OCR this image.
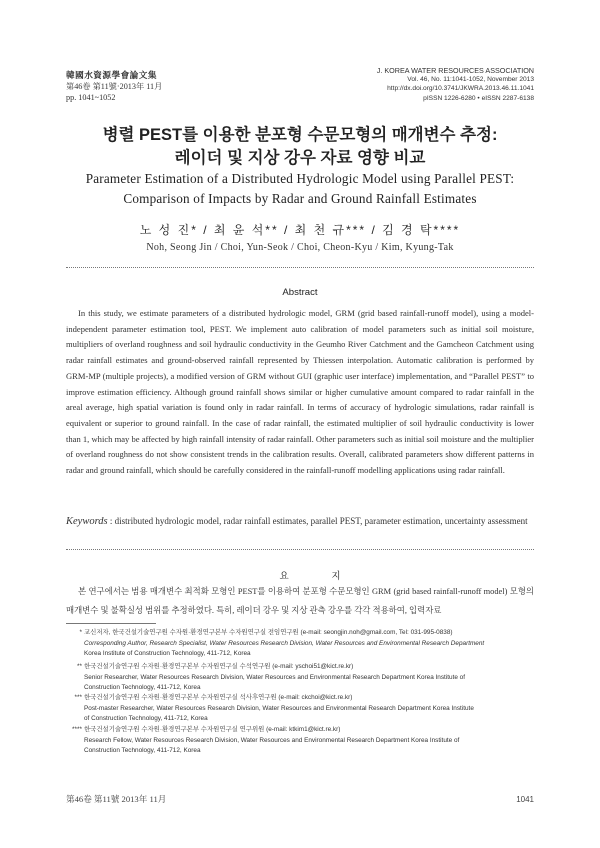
韓國水資源學會論文集
第46卷 第11號·2013年 11月
pp. 1041~1052
J. KOREA WATER RESOURCES ASSOCIATION
Vol. 46, No. 11:1041-1052, November 2013
http://dx.doi.org/10.3741/JKWRA.2013.46.11.1041
pISSN 1226-6280 • eISSN 2287-6138
병렬 PEST를 이용한 분포형 수문모형의 매개변수 추정:
레이더 및 지상 강우 자료 영향 비교
Parameter Estimation of a Distributed Hydrologic Model using Parallel PEST:
Comparison of Impacts by Radar and Ground Rainfall Estimates
노 성 진* / 최 윤 석** / 최 천 규*** / 김 경 탁****
Noh, Seong Jin / Choi, Yun-Seok / Choi, Cheon-Kyu / Kim, Kyung-Tak
Abstract
In this study, we estimate parameters of a distributed hydrologic model, GRM (grid based rainfall-runoff model), using a model-independent parameter estimation tool, PEST. We implement auto calibration of model parameters such as initial soil moisture, multipliers of overland roughness and soil hydraulic conductivity in the Geumho River Catchment and the Gamcheon Catchment using radar rainfall estimates and ground-observed rainfall represented by Thiessen interpolation. Automatic calibration is performed by GRM-MP (multiple projects), a modified version of GRM without GUI (graphic user interface) implementation, and “Parallel PEST” to improve estimation efficiency. Although ground rainfall shows similar or higher cumulative amount compared to radar rainfall in the areal average, high spatial variation is found only in radar rainfall. In terms of accuracy of hydrologic simulations, radar rainfall is equivalent or superior to ground rainfall. In the case of radar rainfall, the estimated multiplier of soil hydraulic conductivity is lower than 1, which may be affected by high rainfall intensity of radar rainfall. Other parameters such as initial soil moisture and the multiplier of overland roughness do not show consistent trends in the calibration results. Overall, calibrated parameters show different patterns in radar and ground rainfall, which should be carefully considered in the rainfall-runoff modelling applications using radar rainfall.
Keywords : distributed hydrologic model, radar rainfall estimates, parallel PEST, parameter estimation, uncertainty assessment
요 지
본 연구에서는 범용 매개변수 최적화 모형인 PEST를 이용하여 분포형 수문모형인 GRM (grid based rainfall-runoff model) 모형의 매개변수 및 불확실성 범위를 추정하였다. 특히, 레이더 강우 및 지상 관측 강우를 각각 적용하여, 입력자료
* 교신저자, 한국건설기술연구원 수자원·환경연구본부 수자원연구실 전임연구원 (e-mail: seongjin.noh@gmail.com, Tel: 031-995-0838)
Corresponding Author, Research Specialist, Water Resources Research Division, Water Resources and Environmental Research Department
Korea Institute of Construction Technology, 411-712, Korea
** 한국건설기술연구원 수자원·환경연구본부 수자원연구실 수석연구원 (e-mail: yschoi51@kict.re.kr)
Senior Researcher, Water Resources Research Division, Water Resources and Environmental Research Department Korea Institute of
Construction Technology, 411-712, Korea
*** 한국건설기술연구원 수자원·환경연구본부 수자원연구실 석사후연구원 (e-mail: ckchoi@kict.re.kr)
Post-master Researcher, Water Resources Research Division, Water Resources and Environmental Research Department Korea Institute
of Construction Technology, 411-712, Korea
**** 한국건설기술연구원 수자원·환경연구본부 수자원연구실 연구위원 (e-mail: ktkim1@kict.re.kr)
Research Fellow, Water Resources Research Division, Water Resources and Environmental Research Department Korea Institute of
Construction Technology, 411-712, Korea
第46卷 第11號 2013年 11月	1041
